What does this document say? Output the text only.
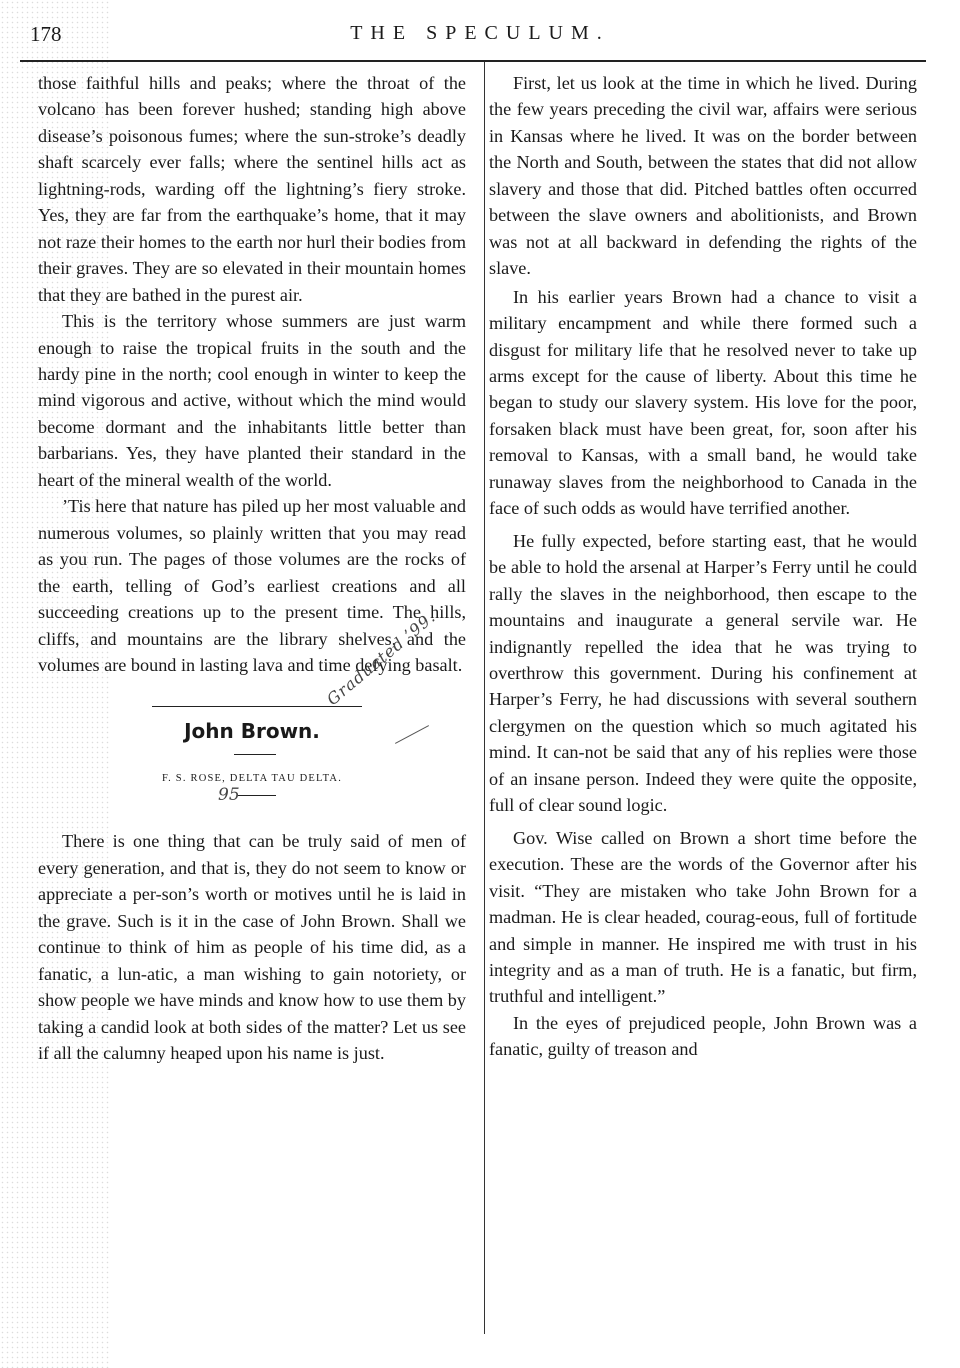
178	THE SPECULUM.

those faithful hills and peaks; where the throat of the volcano has been forever hushed; standing high above disease’s poisonous fumes; where the sun-stroke’s deadly shaft scarcely ever falls; where the sentinel hills act as lightning-rods, warding off the lightning’s fiery stroke. Yes, they are far from the earthquake’s home, that it may not raze their homes to the earth nor hurl their bodies from their graves. They are so elevated in their mountain homes that they are bathed in the purest air.

This is the territory whose summers are just warm enough to raise the tropical fruits in the south and the hardy pine in the north; cool enough in winter to keep the mind vigorous and active, without which the mind would become dormant and the inhabitants little better than barbarians. Yes, they have planted their standard in the heart of the mineral wealth of the world.

’Tis here that nature has piled up her most valuable and numerous volumes, so plainly written that you may read as you run. The pages of those volumes are the rocks of the earth, telling of God’s earliest creations and all succeeding creations up to the present time. The hills, cliffs, and mountains are the library shelves, and the volumes are bound in lasting lava and time defying basalt.

John Brown.
F. S. ROSE, DELTA TAU DELTA.
Graduated ’99.
95

There is one thing that can be truly said of men of every generation, and that is, they do not seem to know or appreciate a per-son’s worth or motives until he is laid in the grave. Such is it in the case of John Brown. Shall we continue to think of him as people of his time did, as a fanatic, a lun-atic, a man wishing to gain notoriety, or show people we have minds and know how to use them by taking a candid look at both sides of the matter? Let us see if all the calumny heaped upon his name is just.

First, let us look at the time in which he lived. During the few years preceding the civil war, affairs were serious in Kansas where he lived. It was on the border between the North and South, between the states that did not allow slavery and those that did. Pitched battles often occurred between the slave owners and abolitionists, and Brown was not at all backward in defending the rights of the slave.

In his earlier years Brown had a chance to visit a military encampment and while there formed such a disgust for military life that he resolved never to take up arms except for the cause of liberty. About this time he began to study our slavery system. His love for the poor, forsaken black must have been great, for, soon after his removal to Kansas, with a small band, he would take runaway slaves from the neighborhood to Canada in the face of such odds as would have terrified another.

He fully expected, before starting east, that he would be able to hold the arsenal at Harper’s Ferry until he could rally the slaves in the neighborhood, then escape to the mountains and inaugurate a general servile war. He indignantly repelled the idea that he was trying to overthrow this government. During his confinement at Harper’s Ferry, he had discussions with several southern clergymen on the question which so much agitated his mind. It can-not be said that any of his replies were those of an insane person. Indeed they were quite the opposite, full of clear sound logic.

Gov. Wise called on Brown a short time before the execution. These are the words of the Governor after his visit. “They are mistaken who take John Brown for a madman. He is clear headed, courag-eous, full of fortitude and simple in manner. He inspired me with trust in his integrity and as a man of truth. He is a fanatic, but firm, truthful and intelligent.”

In the eyes of prejudiced people, John Brown was a fanatic, guilty of treason and
